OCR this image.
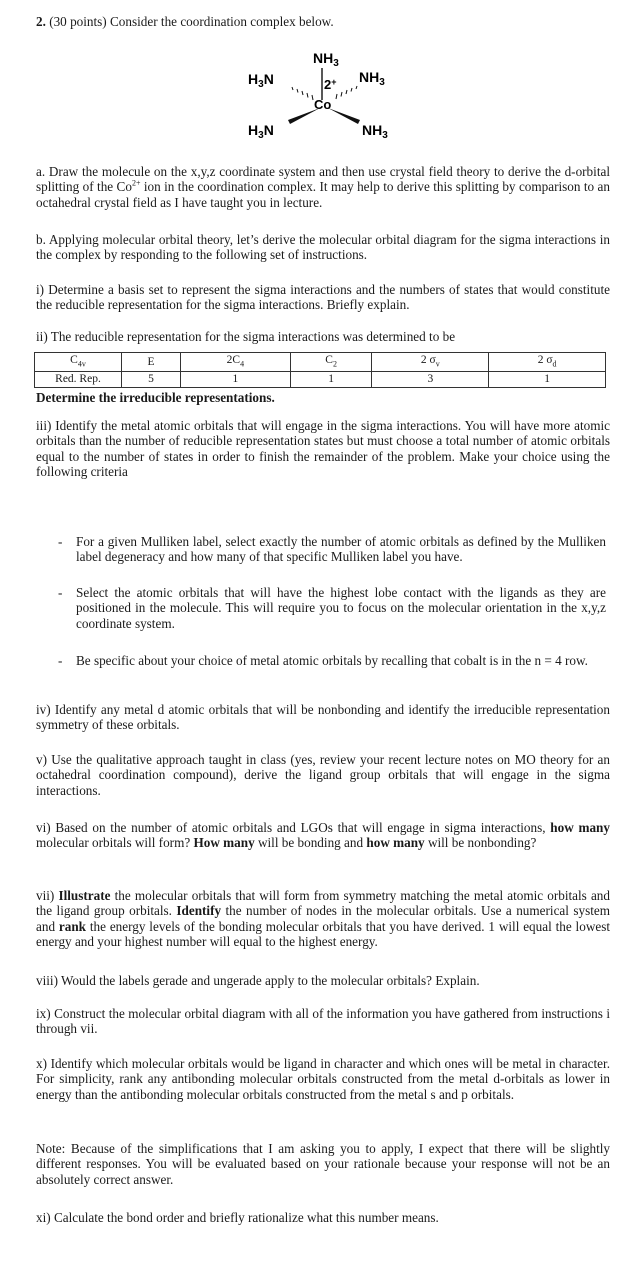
2. (30 points) Consider the coordination complex below.

$NH_3$
$H_3N$	$NH_3$
2+
Co
$H_3N$	$NH_3$

a. Draw the molecule on the x,y,z coordinate system and then use crystal field theory to derive the d-orbital splitting of the $Co^{2+}$ ion in the coordination complex. It may help to derive this splitting by comparison to an octahedral crystal field as I have taught you in lecture.

b. Applying molecular orbital theory, let’s derive the molecular orbital diagram for the sigma interactions in the complex by responding to the following set of instructions.

i) Determine a basis set to represent the sigma interactions and the numbers of states that would constitute the reducible representation for the sigma interactions. Briefly explain.

ii) The reducible representation for the sigma interactions was determined to be

$C_{4v}$	E	$2C_4$	$C_2$	2 $\sigma_v$	2 $\sigma_d$
Red. Rep.	5	1	1	3	1

Determine the irreducible representations.

iii) Identify the metal atomic orbitals that will engage in the sigma interactions. You will have more atomic orbitals than the number of reducible representation states but must choose a total number of atomic orbitals equal to the number of states in order to finish the remainder of the problem. Make your choice using the following criteria

- For a given Mulliken label, select exactly the number of atomic orbitals as defined by the Mulliken label degeneracy and how many of that specific Mulliken label you have.

- Select the atomic orbitals that will have the highest lobe contact with the ligands as they are positioned in the molecule. This will require you to focus on the molecular orientation in the x,y,z coordinate system.

- Be specific about your choice of metal atomic orbitals by recalling that cobalt is in the n = 4 row.

iv) Identify any metal d atomic orbitals that will be nonbonding and identify the irreducible representation symmetry of these orbitals.

v) Use the qualitative approach taught in class (yes, review your recent lecture notes on MO theory for an octahedral coordination compound), derive the ligand group orbitals that will engage in the sigma interactions.

vi) Based on the number of atomic orbitals and LGOs that will engage in sigma interactions, how many molecular orbitals will form? How many will be bonding and how many will be nonbonding?

vii) Illustrate the molecular orbitals that will form from symmetry matching the metal atomic orbitals and the ligand group orbitals. Identify the number of nodes in the molecular orbitals. Use a numerical system and rank the energy levels of the bonding molecular orbitals that you have derived. 1 will equal the lowest energy and your highest number will equal to the highest energy.

viii) Would the labels gerade and ungerade apply to the molecular orbitals? Explain.

ix) Construct the molecular orbital diagram with all of the information you have gathered from instructions i through vii.

x) Identify which molecular orbitals would be ligand in character and which ones will be metal in character. For simplicity, rank any antibonding molecular orbitals constructed from the metal d-orbitals as lower in energy than the antibonding molecular orbitals constructed from the metal s and p orbitals.

Note: Because of the simplifications that I am asking you to apply, I expect that there will be slightly different responses. You will be evaluated based on your rationale because your response will not be an absolutely correct answer.

xi) Calculate the bond order and briefly rationalize what this number means.
